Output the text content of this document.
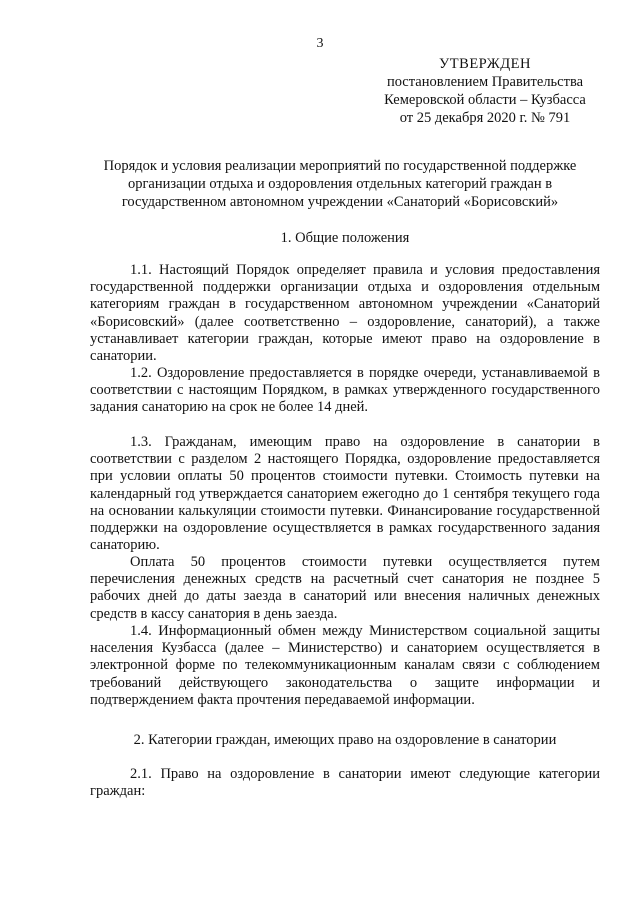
3
УТВЕРЖДЕН
постановлением Правительства
Кемеровской области – Кузбасса
от 25 декабря 2020 г. № 791
Порядок и условия реализации мероприятий по государственной поддержке организации отдыха и оздоровления отдельных категорий граждан в государственном автономном учреждении «Санаторий «Борисовский»
1. Общие положения

1.1. Настоящий Порядок определяет правила и условия предоставления государственной поддержки организации отдыха и оздоровления отдельным категориям граждан в государственном автономном учреждении «Санаторий «Борисовский» (далее соответственно – оздоровление, санаторий), а также устанавливает категории граждан, которые имеют право на оздоровление в санатории.

1.2. Оздоровление предоставляется в порядке очереди, устанавливаемой в соответствии с настоящим Порядком, в рамках утвержденного государственного задания санаторию на срок не более 14 дней.

1.3. Гражданам, имеющим право на оздоровление в санатории в соответствии с разделом 2 настоящего Порядка, оздоровление предоставляется при условии оплаты 50 процентов стоимости путевки. Стоимость путевки на календарный год утверждается санаторием ежегодно до 1 сентября текущего года на основании калькуляции стоимости путевки. Финансирование государственной поддержки на оздоровление осуществляется в рамках государственного задания санаторию.

Оплата 50 процентов стоимости путевки осуществляется путем перечисления денежных средств на расчетный счет санатория не позднее 5 рабочих дней до даты заезда в санаторий или внесения наличных денежных средств в кассу санатория в день заезда.

1.4. Информационный обмен между Министерством социальной защиты населения Кузбасса (далее – Министерство) и санаторием осуществляется в электронной форме по телекоммуникационным каналам связи с соблюдением требований действующего законодательства о защите информации и подтверждением факта прочтения передаваемой информации.

2. Категории граждан, имеющих право на оздоровление в санатории

2.1. Право на оздоровление в санатории имеют следующие категории граждан:
